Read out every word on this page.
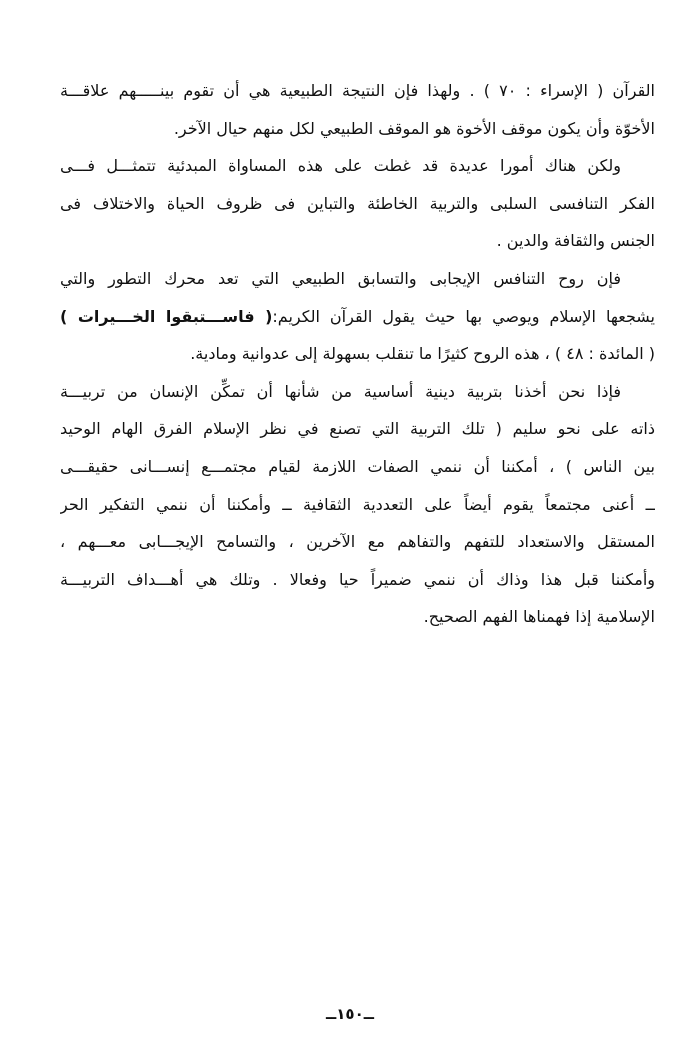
القرآن ( الإسراء : ٧٠ ) . ولهذا فإن النتيجة الطبيعية هي أن تقوم بينـــــهم علاقـــة
الأخوّة وأن يكون موقف الأخوة هو الموقف الطبيعي لكل منهم حيال الآخر.
ولكن هناك أمورا عديدة قد غطت على هذه المساواة المبدئية تتمثـــل فـــى
الفكر التنافسى السلبى والتربية الخاطئة والتباين فى ظروف الحياة والاختلاف فى
الجنس والثقافة والدين .
فإن روح التنافس الإيجابى والتسابق الطبيعي التي تعد محرك التطور والتي
يشجعها الإسلام ويوصي بها حيث يقول القرآن الكريم:( فاســـتبقوا الخـــيرات )
( المائدة : ٤٨ ) ، هذه الروح كثيرًا ما تنقلب بسهولة إلى عدوانية ومادية.
فإذا نحن أخذنا بتربية دينية أساسية من شأنها أن تمكِّن الإنسان من تربيـــة
ذاته على نحو سليم ( تلك التربية التي تصنع في نظر الإسلام الفرق الهام الوحيد
بين الناس ) ، أمكننا أن ننمي الصفات اللازمة لقيام مجتمـــع إنســـانى حقيقـــى
ــ أعنى مجتمعاً يقوم أيضاً على التعددية الثقافية ــ وأمكننا أن ننمي التفكير الحر
المستقل والاستعداد للتفهم والتفاهم مع الآخرين ، والتسامح الإيجـــابى معـــهم ،
وأمكننا قبل هذا وذاك أن ننمي ضميراً حيا وفعالا . وتلك هي أهـــداف التربيـــة
الإسلامية إذا فهمناها الفهم الصحيح.
ــ١٥٠ــ
